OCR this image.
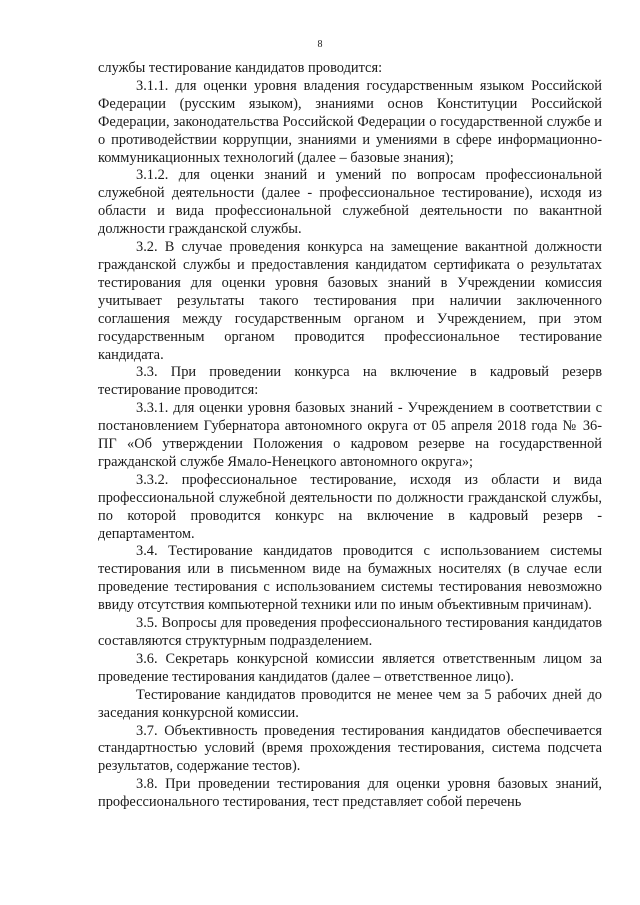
8

службы тестирование кандидатов проводится:

3.1.1. для оценки уровня владения государственным языком Российской Федерации (русским языком), знаниями основ Конституции Российской Федерации, законодательства Российской Федерации о государственной службе и о противодействии коррупции, знаниями и умениями в сфере информационно-коммуникационных технологий (далее – базовые знания);

3.1.2. для оценки знаний и умений по вопросам профессиональной служебной деятельности (далее - профессиональное тестирование), исходя из области и вида профессиональной служебной деятельности по вакантной должности гражданской службы.

3.2. В случае проведения конкурса на замещение вакантной должности гражданской службы и предоставления кандидатом сертификата о результатах тестирования для оценки уровня базовых знаний в Учреждении комиссия учитывает результаты такого тестирования при наличии заключенного соглашения между государственным органом и Учреждением, при этом государственным органом проводится профессиональное тестирование кандидата.

3.3. При проведении конкурса на включение в кадровый резерв тестирование проводится:

3.3.1. для оценки уровня базовых знаний - Учреждением в соответствии с постановлением Губернатора автономного округа от 05 апреля 2018 года № 36-ПГ «Об утверждении Положения о кадровом резерве на государственной гражданской службе Ямало-Ненецкого автономного округа»;

3.3.2. профессиональное тестирование, исходя из области и вида профессиональной служебной деятельности по должности гражданской службы, по которой проводится конкурс на включение в кадровый резерв - департаментом.

3.4. Тестирование кандидатов проводится с использованием системы тестирования или в письменном виде на бумажных носителях (в случае если проведение тестирования с использованием системы тестирования невозможно ввиду отсутствия компьютерной техники или по иным объективным причинам).

3.5. Вопросы для проведения профессионального тестирования кандидатов составляются структурным подразделением.

3.6. Секретарь конкурсной комиссии является ответственным лицом за проведение тестирования кандидатов (далее – ответственное лицо).

Тестирование кандидатов проводится не менее чем за 5 рабочих дней до заседания конкурсной комиссии.

3.7. Объективность проведения тестирования кандидатов обеспечивается стандартностью условий (время прохождения тестирования, система подсчета результатов, содержание тестов).

3.8. При проведении тестирования для оценки уровня базовых знаний, профессионального тестирования, тест представляет собой перечень
